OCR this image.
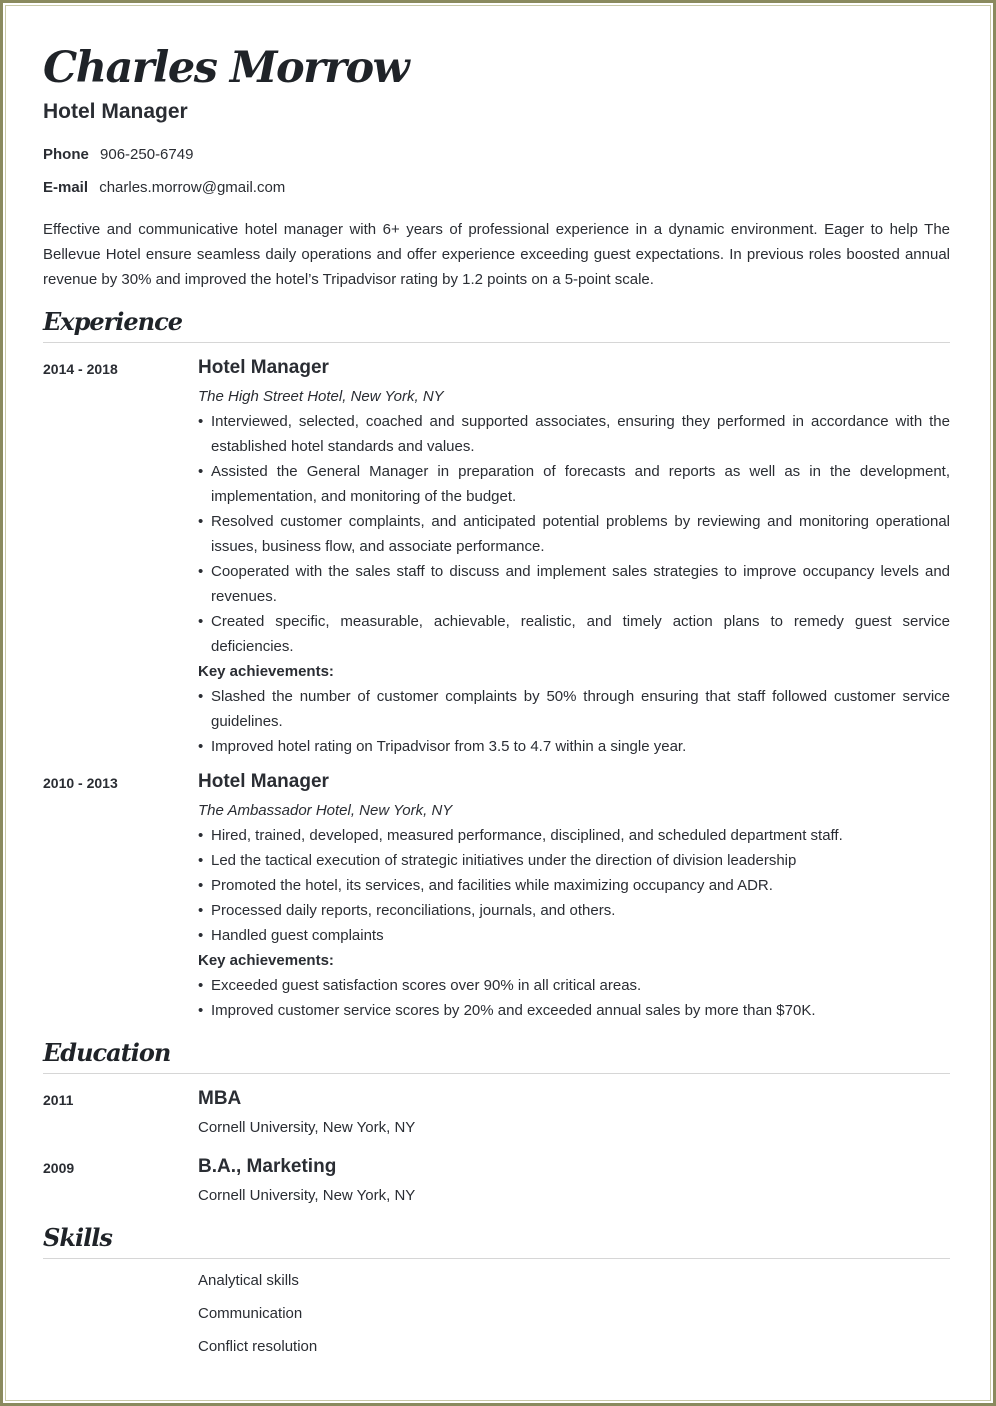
Charles Morrow
Hotel Manager
Phone 906-250-6749
E-mail charles.morrow@gmail.com
Effective and communicative hotel manager with 6+ years of professional experience in a dynamic environment. Eager to help The Bellevue Hotel ensure seamless daily operations and offer experience exceeding guest expectations. In previous roles boosted annual revenue by 30% and improved the hotel’s Tripadvisor rating by 1.2 points on a 5-point scale.
Experience
2014 - 2018	Hotel Manager
The High Street Hotel, New York, NY
• Interviewed, selected, coached and supported associates, ensuring they performed in accordance with the established hotel standards and values.
• Assisted the General Manager in preparation of forecasts and reports as well as in the development, implementation, and monitoring of the budget.
• Resolved customer complaints, and anticipated potential problems by reviewing and monitoring operational issues, business flow, and associate performance.
• Cooperated with the sales staff to discuss and implement sales strategies to improve occupancy levels and revenues.
• Created specific, measurable, achievable, realistic, and timely action plans to remedy guest service deficiencies.
Key achievements:
• Slashed the number of customer complaints by 50% through ensuring that staff followed customer service guidelines.
• Improved hotel rating on Tripadvisor from 3.5 to 4.7 within a single year.
2010 - 2013	Hotel Manager
The Ambassador Hotel, New York, NY
• Hired, trained, developed, measured performance, disciplined, and scheduled department staff.
• Led the tactical execution of strategic initiatives under the direction of division leadership
• Promoted the hotel, its services, and facilities while maximizing occupancy and ADR.
• Processed daily reports, reconciliations, journals, and others.
• Handled guest complaints
Key achievements:
• Exceeded guest satisfaction scores over 90% in all critical areas.
• Improved customer service scores by 20% and exceeded annual sales by more than $70K.
Education
2011	MBA
Cornell University, New York, NY
2009	B.A., Marketing
Cornell University, New York, NY
Skills
Analytical skills
Communication
Conflict resolution
